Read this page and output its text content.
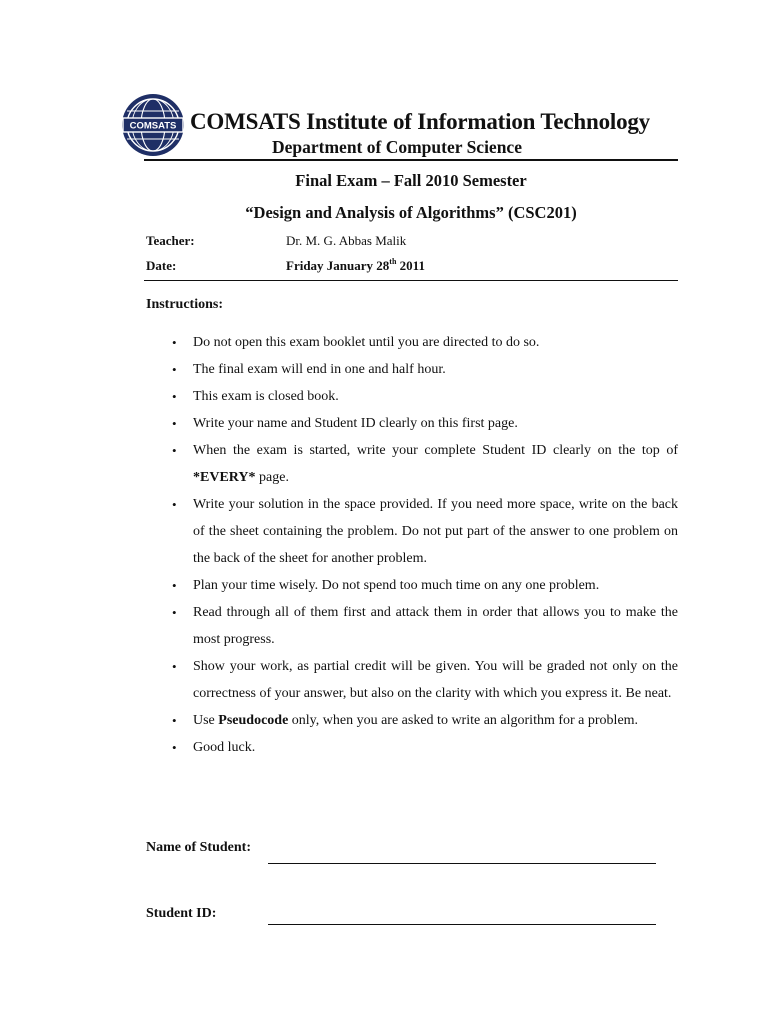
COMSATS COMSATS Institute of Information Technology
Department of Computer Science
Final Exam – Fall 2010 Semester
“Design and Analysis of Algorithms” (CSC201)
Teacher:	Dr. M. G. Abbas Malik
Date:	Friday January 28th 2011
Instructions:
• Do not open this exam booklet until you are directed to do so.
• The final exam will end in one and half hour.
• This exam is closed book.
• Write your name and Student ID clearly on this first page.
• When the exam is started, write your complete Student ID clearly on the top of *EVERY* page.
• Write your solution in the space provided. If you need more space, write on the back of the sheet containing the problem. Do not put part of the answer to one problem on the back of the sheet for another problem.
• Plan your time wisely. Do not spend too much time on any one problem.
• Read through all of them first and attack them in order that allows you to make the most progress.
• Show your work, as partial credit will be given. You will be graded not only on the correctness of your answer, but also on the clarity with which you express it. Be neat.
• Use Pseudocode only, when you are asked to write an algorithm for a problem.
• Good luck.
Name of Student:
Student ID:
